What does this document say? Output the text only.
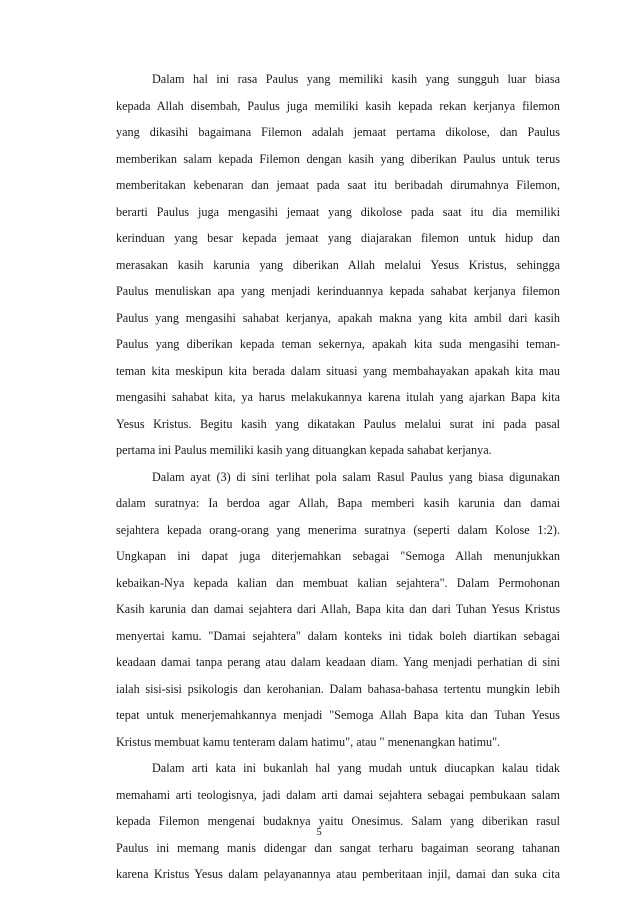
Dalam hal ini rasa Paulus yang memiliki kasih yang sungguh luar biasa
kepada Allah disembah, Paulus juga memiliki kasih kepada rekan kerjanya filemon
yang dikasihi bagaimana Filemon adalah jemaat pertama dikolose, dan Paulus
memberikan salam kepada Filemon dengan kasih yang diberikan Paulus untuk terus
memberitakan kebenaran dan jemaat pada saat itu beribadah dirumahnya Filemon,
berarti Paulus juga mengasihi jemaat yang dikolose pada saat itu dia memiliki
kerinduan yang besar kepada jemaat yang diajarakan filemon untuk hidup dan
merasakan kasih karunia yang diberikan Allah melalui Yesus Kristus, sehingga
Paulus menuliskan apa yang menjadi kerinduannya kepada sahabat kerjanya filemon
Paulus yang mengasihi sahabat kerjanya, apakah makna yang kita ambil dari kasih
Paulus yang diberikan kepada teman sekernya, apakah kita suda mengasihi teman-
teman kita meskipun kita berada dalam situasi yang membahayakan apakah kita mau
mengasihi sahabat kita, ya harus melakukannya karena itulah yang ajarkan Bapa kita
Yesus Kristus. Begitu kasih yang dikatakan Paulus melalui surat ini pada pasal
pertama ini Paulus memiliki kasih yang dituangkan kepada sahabat kerjanya.

Dalam ayat (3) di sini terlihat pola salam Rasul Paulus yang biasa digunakan
dalam suratnya: Ia berdoa agar Allah, Bapa memberi kasih karunia dan damai
sejahtera kepada orang-orang yang menerima suratnya (seperti dalam Kolose 1:2).
Ungkapan ini dapat juga diterjemahkan sebagai "Semoga Allah menunjukkan
kebaikan-Nya kepada kalian dan membuat kalian sejahtera". Dalam Permohonan
Kasih karunia dan damai sejahtera dari Allah, Bapa kita dan dari Tuhan Yesus Kristus
menyertai kamu. "Damai sejahtera" dalam konteks ini tidak boleh diartikan sebagai
keadaan damai tanpa perang atau dalam keadaan diam. Yang menjadi perhatian di sini
ialah sisi-sisi psikologis dan kerohanian. Dalam bahasa-bahasa tertentu mungkin lebih
tepat untuk menerjemahkannya menjadi "Semoga Allah Bapa kita dan Tuhan Yesus
Kristus membuat kamu tenteram dalam hatimu", atau " menenangkan hatimu".

Dalam arti kata ini bukanlah hal yang mudah untuk diucapkan kalau tidak
memahami arti teologisnya, jadi dalam arti damai sejahtera sebagai pembukaan salam
kepada Filemon mengenai budaknya yaitu Onesimus. Salam yang diberikan rasul
Paulus ini memang manis didengar dan sangat terharu bagaiman seorang tahanan
karena Kristus Yesus dalam pelayanannya atau pemberitaan injil, damai dan suka cita

5
